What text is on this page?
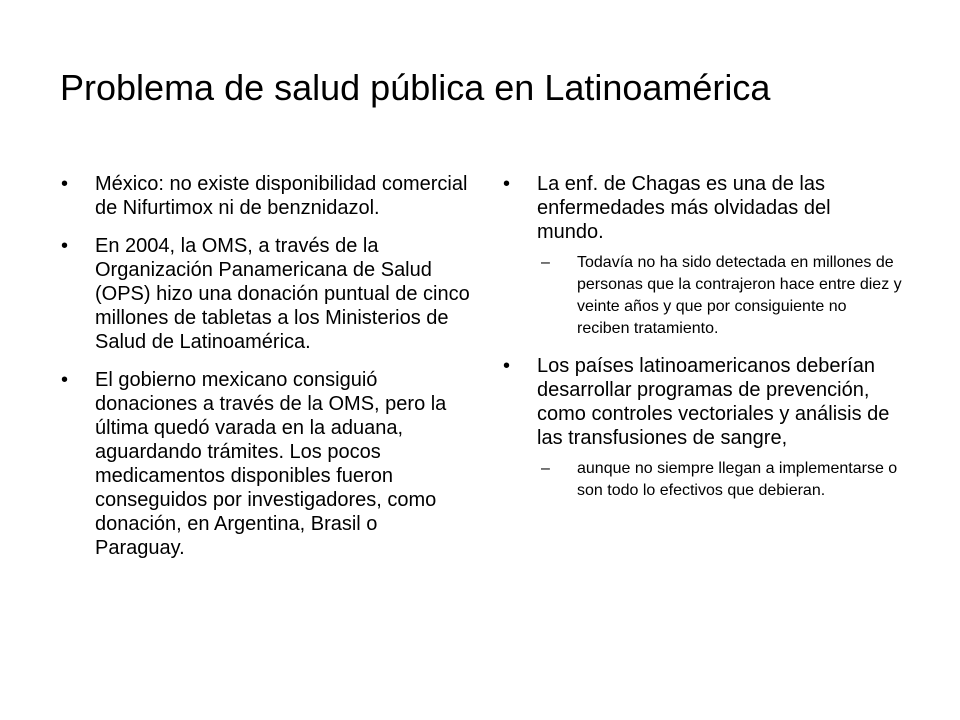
Problema de salud pública en Latinoamérica
• México: no existe disponibilidad comercial de Nifurtimox ni de benznidazol.
• En 2004, la OMS, a través de la Organización Panamericana de Salud (OPS) hizo una donación puntual de cinco millones de tabletas a los Ministerios de Salud de Latinoamérica.
• El gobierno mexicano consiguió donaciones a través de la OMS, pero la última quedó varada en la aduana, aguardando trámites. Los pocos medicamentos disponibles fueron conseguidos por investigadores, como donación, en Argentina, Brasil o Paraguay.
• La enf. de Chagas es una de las enfermedades más olvidadas del mundo.
– Todavía no ha sido detectada en millones de personas que la contrajeron hace entre diez y veinte años y que por consiguiente no reciben tratamiento.
• Los países latinoamericanos deberían desarrollar programas de prevención, como controles vectoriales y análisis de las transfusiones de sangre,
– aunque no siempre llegan a implementarse o son todo lo efectivos que debieran.
